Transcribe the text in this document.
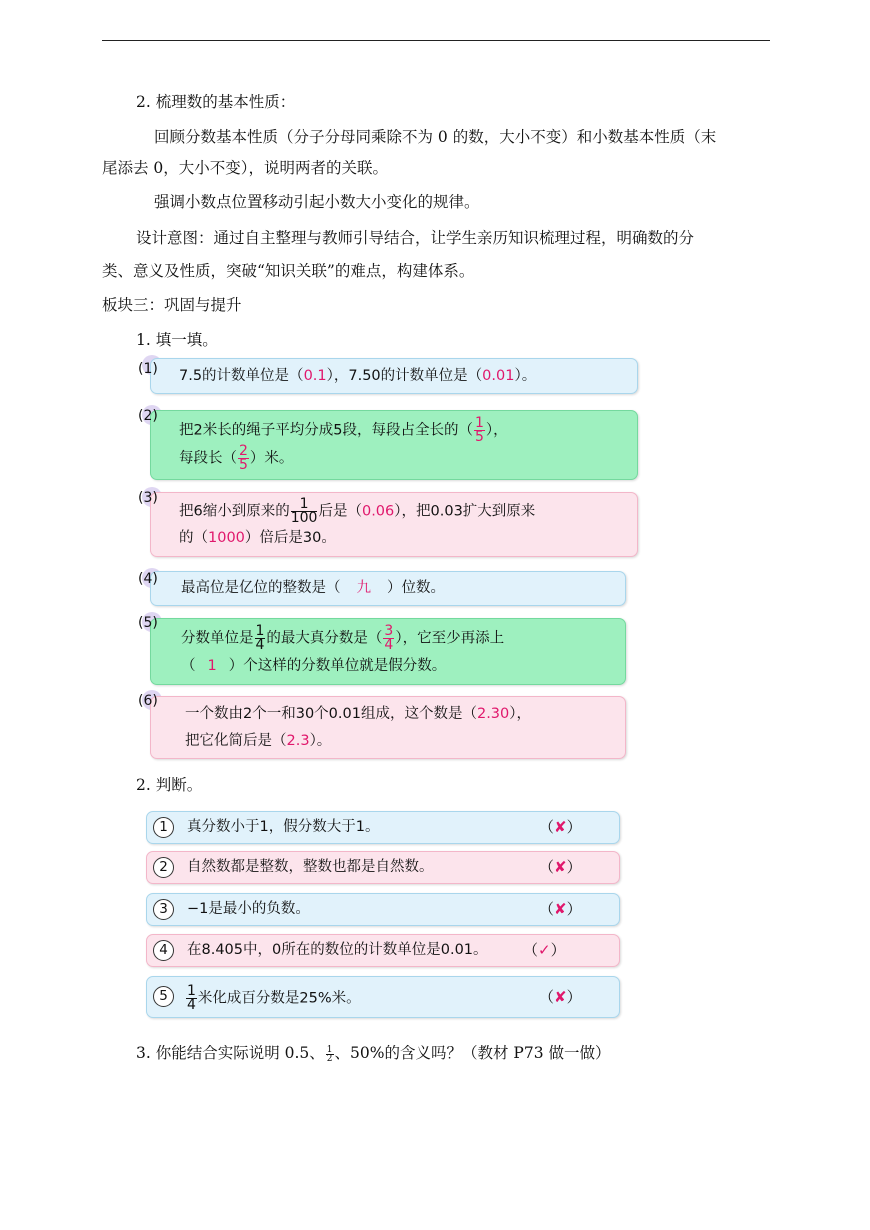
2. 梳理数的基本性质：
回顾分数基本性质（分子分母同乘除不为 0 的数，大小不变）和小数基本性质（末
尾添去 0，大小不变），说明两者的关联。
强调小数点位置移动引起小数大小变化的规律。
设计意图：通过自主整理与教师引导结合，让学生亲历知识梳理过程，明确数的分
类、意义及性质，突破“知识关联”的难点，构建体系。
板块三：巩固与提升
1. 填一填。
7.5的计数单位是（0.1），7.50的计数单位是（0.01）。
(1)
把2米长的绳子平均分成5段，每段占全长的（ $\frac{1}{5}$ ），
每段长（ $\frac{2}{5}$ ）米。
(2)
把6缩小到原来的 $\frac{1}{100}$ 后是（0.06），把0.03扩大到原来
的（1000）倍后是30。
(3)
最高位是亿位的整数是（ 九 ）位数。
(4)
分数单位是 $\frac{1}{4}$ 的最大真分数是（ $\frac{3}{4}$ ），它至少再添上
（ 1 ）个这样的分数单位就是假分数。
(5)
一个数由2个一和30个0.01组成，这个数是（2.30），
把它化简后是（2.3）。
(6)
2. 判断。
1	真分数小于1，假分数大于1。	（✘）
2	自然数都是整数，整数也都是自然数。	（✘）
3	−1是最小的负数。	（✘）
4	在8.405中，0所在的数位的计数单位是0.01。 （✓）
5	$\frac{1}{4}$ 米化成百分数是25%米。	（✘）
3. 你能结合实际说明 0.5、 $\frac{1}{2}$ 、50%的含义吗？（教材 P73 做一做）
